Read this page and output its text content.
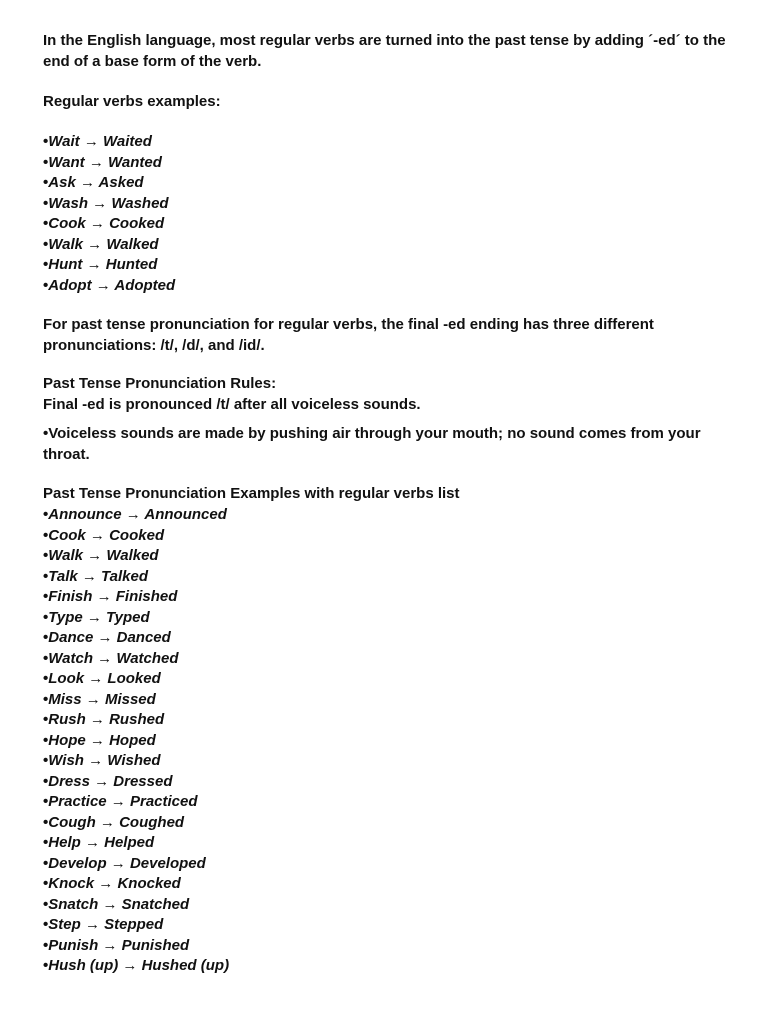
In the English language, most regular verbs are turned into the past tense by adding ´-ed´ to the end of a base form of the verb.

Regular verbs examples:

•Wait → Waited
•Want → Wanted
•Ask → Asked
•Wash → Washed
•Cook → Cooked
•Walk → Walked
•Hunt → Hunted
•Adopt → Adopted

For past tense pronunciation for regular verbs, the final -ed ending has three different pronunciations: /t/, /d/, and /id/.

Past Tense Pronunciation Rules:

Final -ed is pronounced /t/ after all voiceless sounds.

•Voiceless sounds are made by pushing air through your mouth; no sound comes from your throat.

Past Tense Pronunciation Examples with regular verbs list

•Announce → Announced
•Cook → Cooked
•Walk → Walked
•Talk → Talked
•Finish → Finished
•Type → Typed
•Dance → Danced
•Watch → Watched
•Look → Looked
•Miss → Missed
•Rush → Rushed
•Hope → Hoped
•Wish → Wished
•Dress → Dressed
•Practice → Practiced
•Cough → Coughed
•Help → Helped
•Develop → Developed
•Knock → Knocked
•Snatch → Snatched
•Step → Stepped
•Punish → Punished
•Hush (up) → Hushed (up)
